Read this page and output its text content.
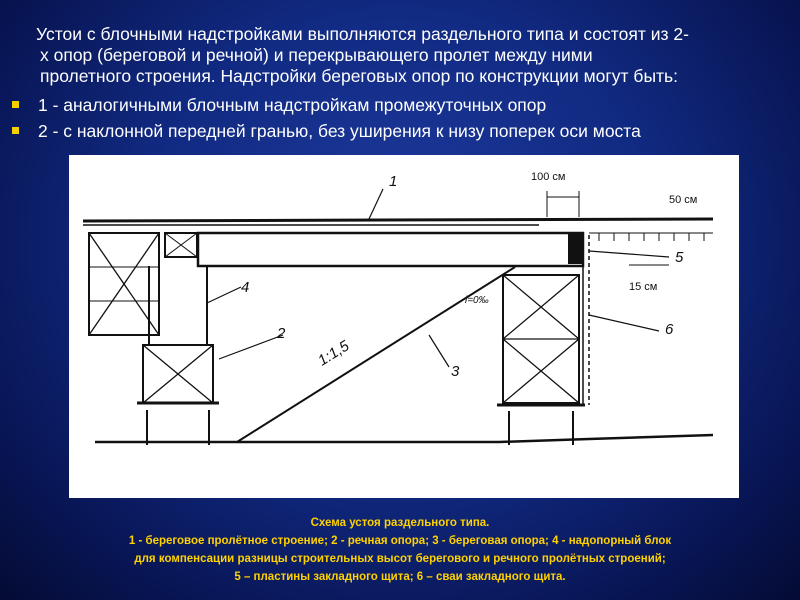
Устои с блочными надстройками выполняются раздельного типа и состоят из 2-

х опор (береговой и речной) и перекрывающего пролет между ними

пролетного строения. Надстройки береговых опор по конструкции могут быть:

1 - аналогичными блочным надстройкам промежуточных опор
2 - с наклонной передней гранью, без уширения к низу поперек оси моста
100 см
50 см
15 см
1:1,5
i=0‰
1
2
3
4
5
6
Схема устоя раздельного типа.
1 - береговое пролётное строение; 2 - речная опора; 3 - береговая опора; 4 - надопорный блок
для компенсации разницы строительных высот берегового и речного пролётных строений;
5 – пластины закладного щита; 6 – сваи закладного щита.
